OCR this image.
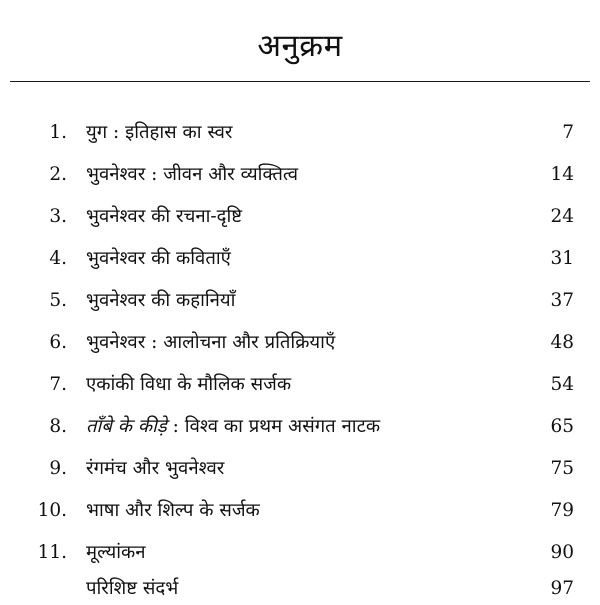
अनुक्रम
1. युग : इतिहास का स्वर	7
2. भुवनेश्वर : जीवन और व्यक्तित्व	14
3. भुवनेश्वर की रचना-दृष्टि	24
4. भुवनेश्वर की कविताएँ	31
5. भुवनेश्वर की कहानियाँ	37
6. भुवनेश्वर : आलोचना और प्रतिक्रियाएँ	48
7. एकांकी विधा के मौलिक सर्जक	54
8. ताँबे के कीड़े : विश्व का प्रथम असंगत नाटक	65
9. रंगमंच और भुवनेश्वर	75
10. भाषा और शिल्प के सर्जक	79
11. मूल्यांकन	90
परिशिष्ट संदर्भ	97
